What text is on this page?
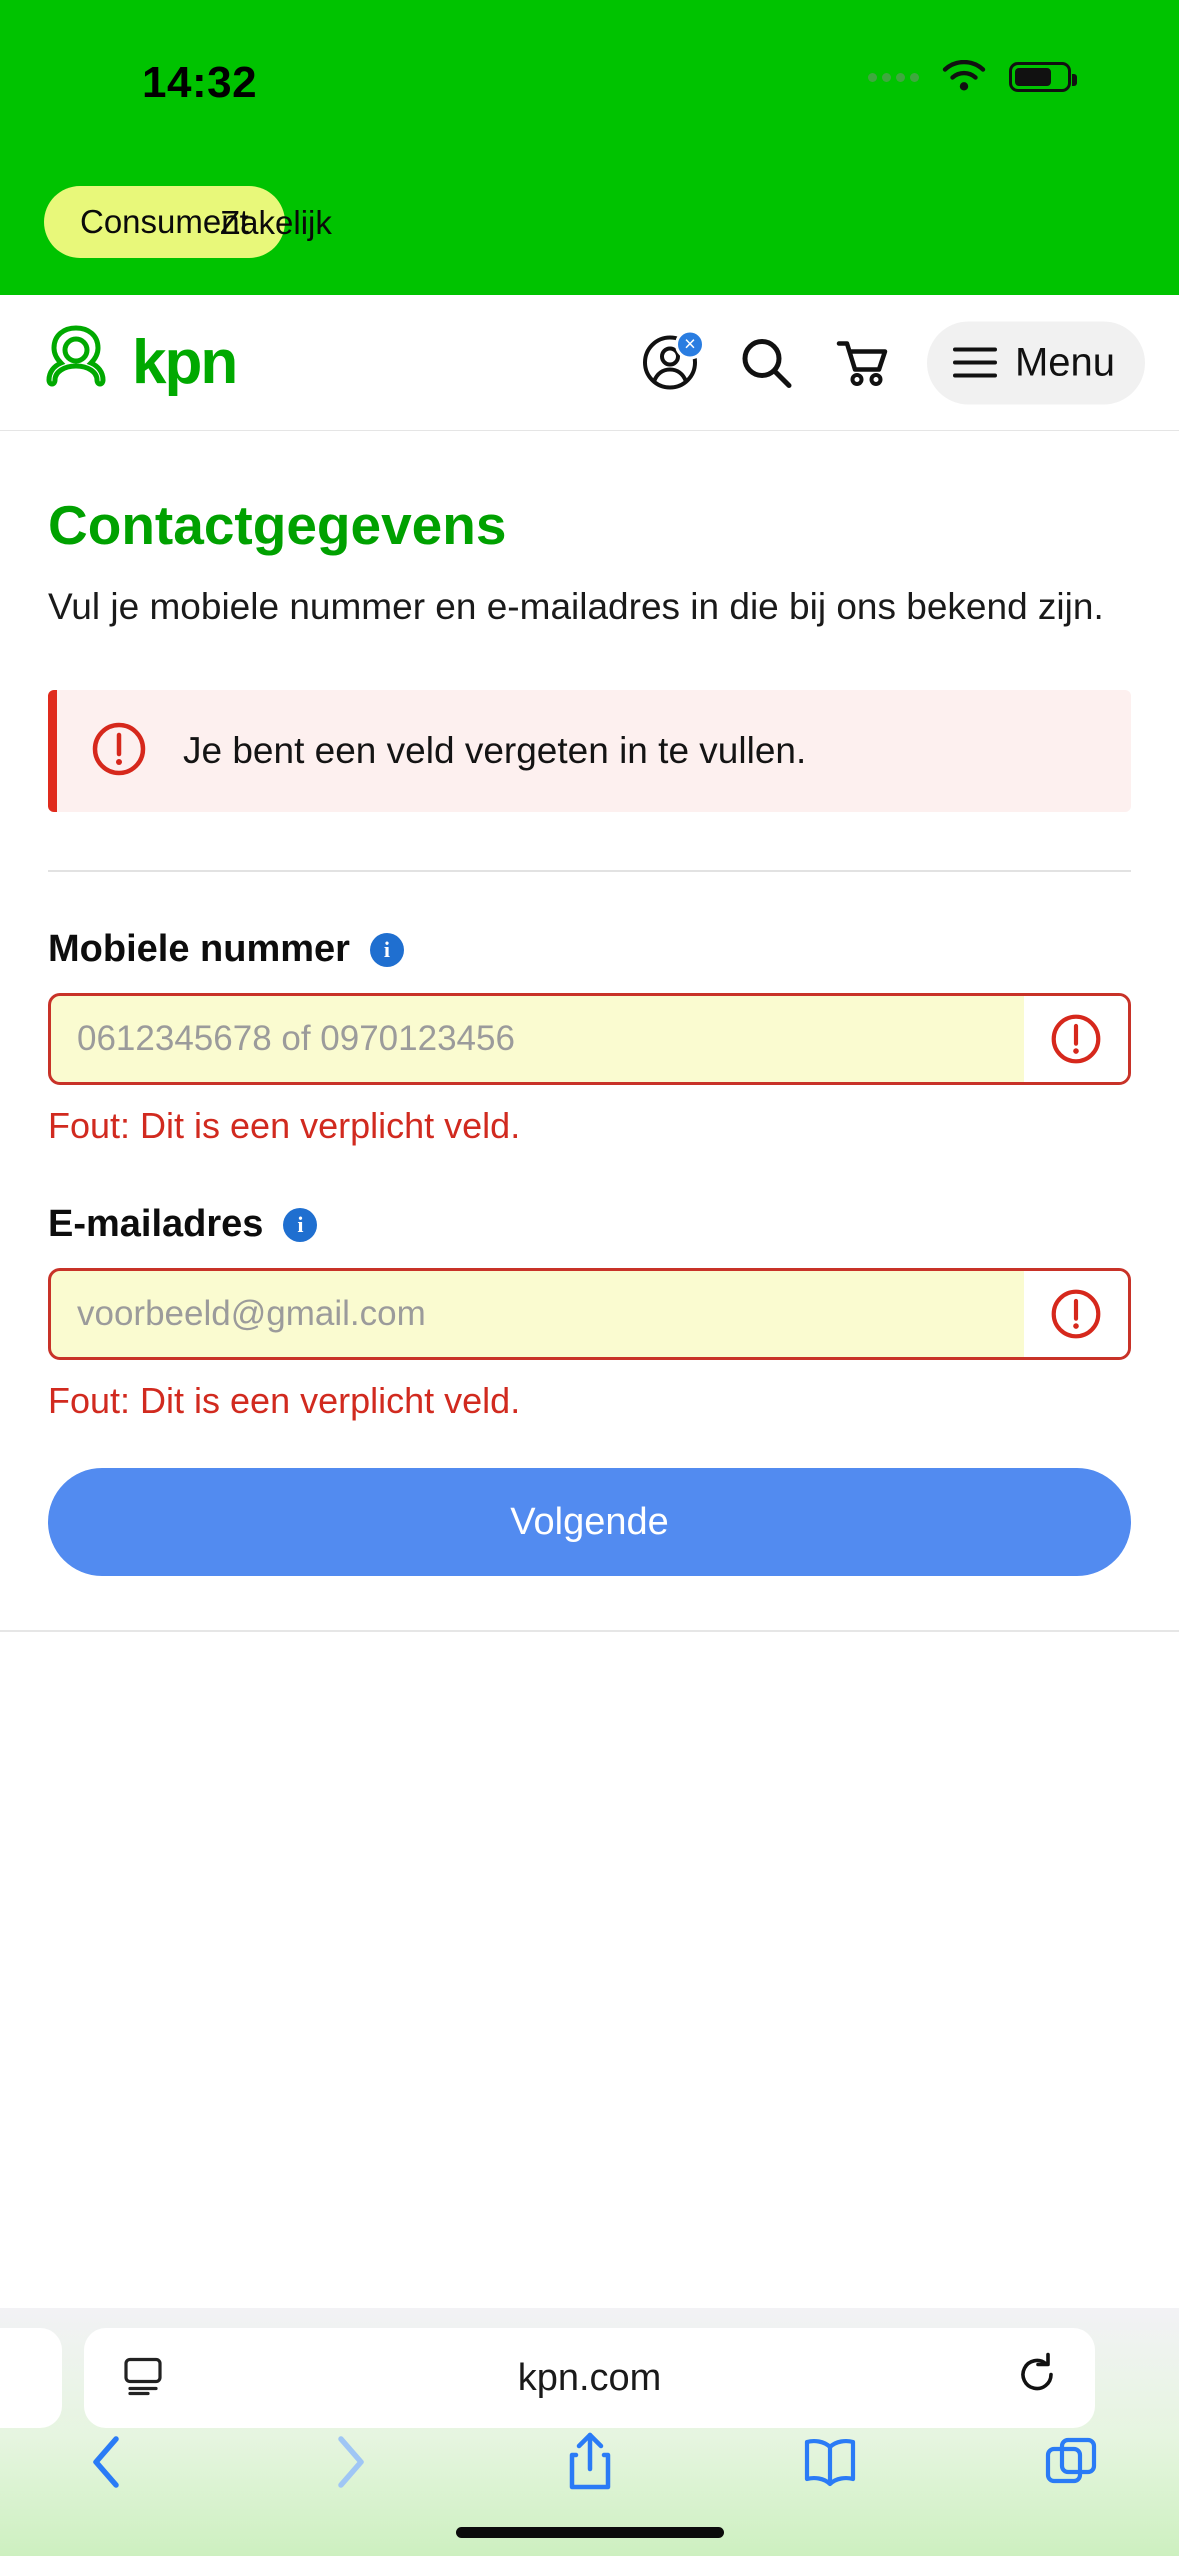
14:32
Consument
Zakelijk
kpn	×	Menu
Contactgegevens

Vul je mobiele nummer en e-mailadres in die bij ons bekend zijn.

Je bent een veld vergeten in te vullen.
Mobiele nummer	i
0612345678 of 0970123456
Fout: Dit is een verplicht veld.
E-mailadres	i
voorbeeld@gmail.com
Fout: Dit is een verplicht veld.
Volgende
kpn.com
